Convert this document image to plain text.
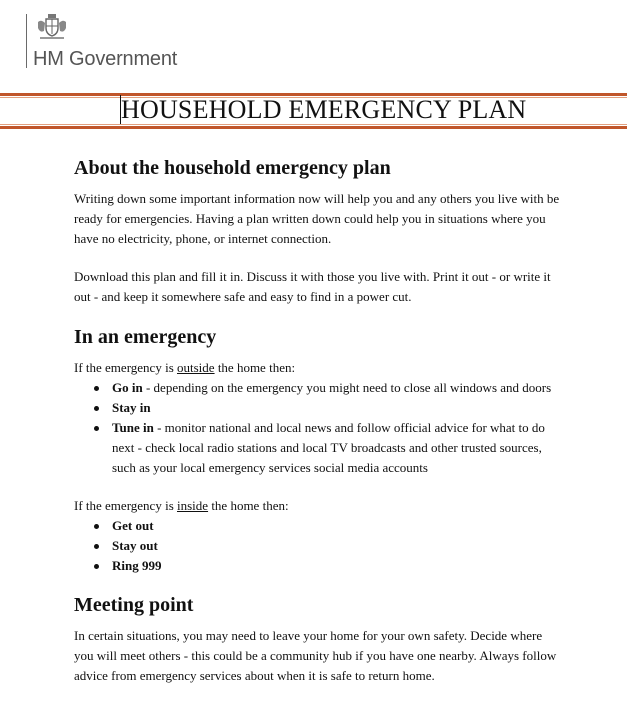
HM Government
HOUSEHOLD EMERGENCY PLAN
About the household emergency plan

Writing down some important information now will help you and any others you live with be ready for emergencies. Having a plan written down could help you in situations where you have no electricity, phone, or internet connection.

Download this plan and fill it in. Discuss it with those you live with. Print it out - or write it out - and keep it somewhere safe and easy to find in a power cut.

In an emergency

If the emergency is outside the home then:

Go in - depending on the emergency you might need to close all windows and doors
Stay in
Tune in - monitor national and local news and follow official advice for what to do next - check local radio stations and local TV broadcasts and other trusted sources, such as your local emergency services social media accounts

If the emergency is inside the home then:

Get out
Stay out
Ring 999
Meeting point

In certain situations, you may need to leave your home for your own safety. Decide where you will meet others - this could be a community hub if you have one nearby. Always follow advice from emergency services about when it is safe to return home.
